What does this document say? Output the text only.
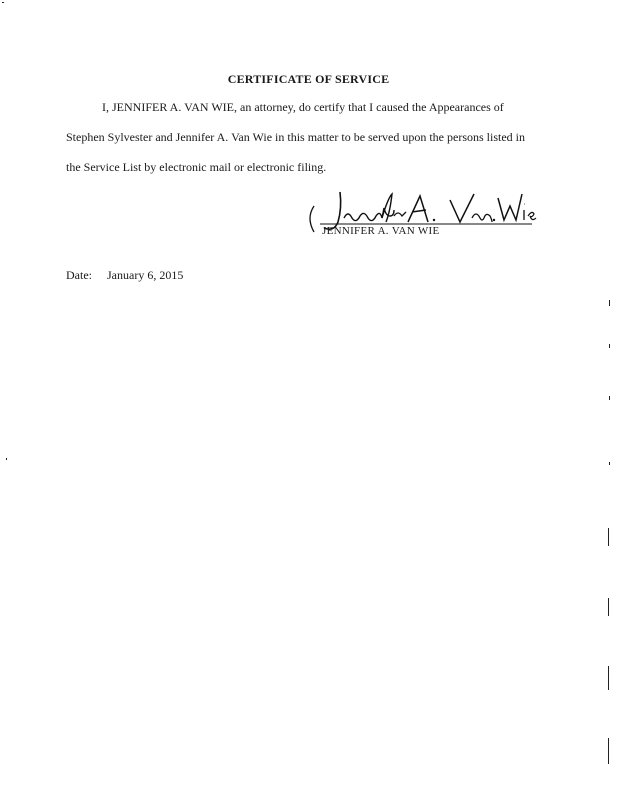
CERTIFICATE OF SERVICE
I, JENNIFER A. VAN WIE, an attorney, do certify that I caused the Appearances of
Stephen Sylvester and Jennifer A. Van Wie in this matter to be served upon the persons listed in
the Service List by electronic mail or electronic filing.
JENNIFER A. VAN WIE
Date: January 6, 2015
